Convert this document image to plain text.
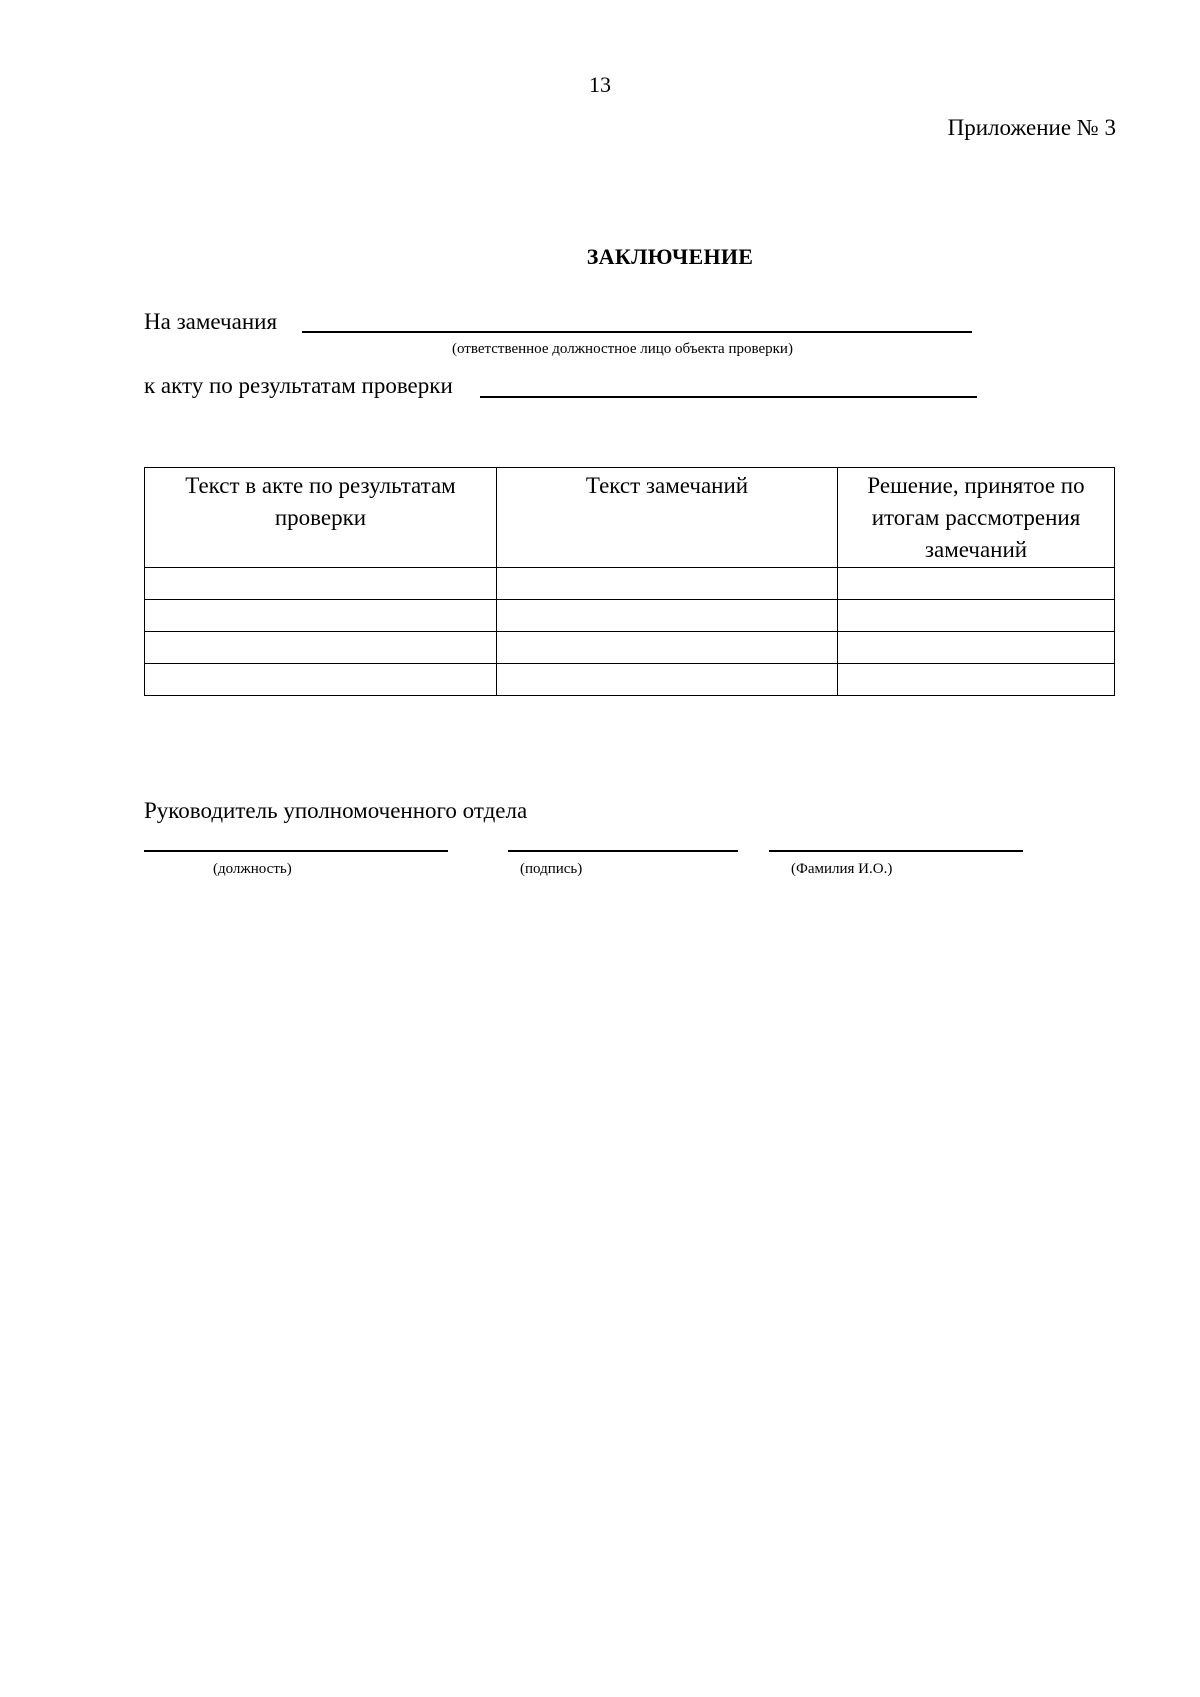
13
Приложение № 3
ЗАКЛЮЧЕНИЕ
На замечания
(ответственное должностное лицо объекта проверки)
к акту по результатам проверки
Текст в акте по результатам проверки	Текст замечаний	Решение, принятое по итогам рассмотрения замечаний

Руководитель уполномоченного отдела
(должность)	(подпись)	(Фамилия И.О.)
